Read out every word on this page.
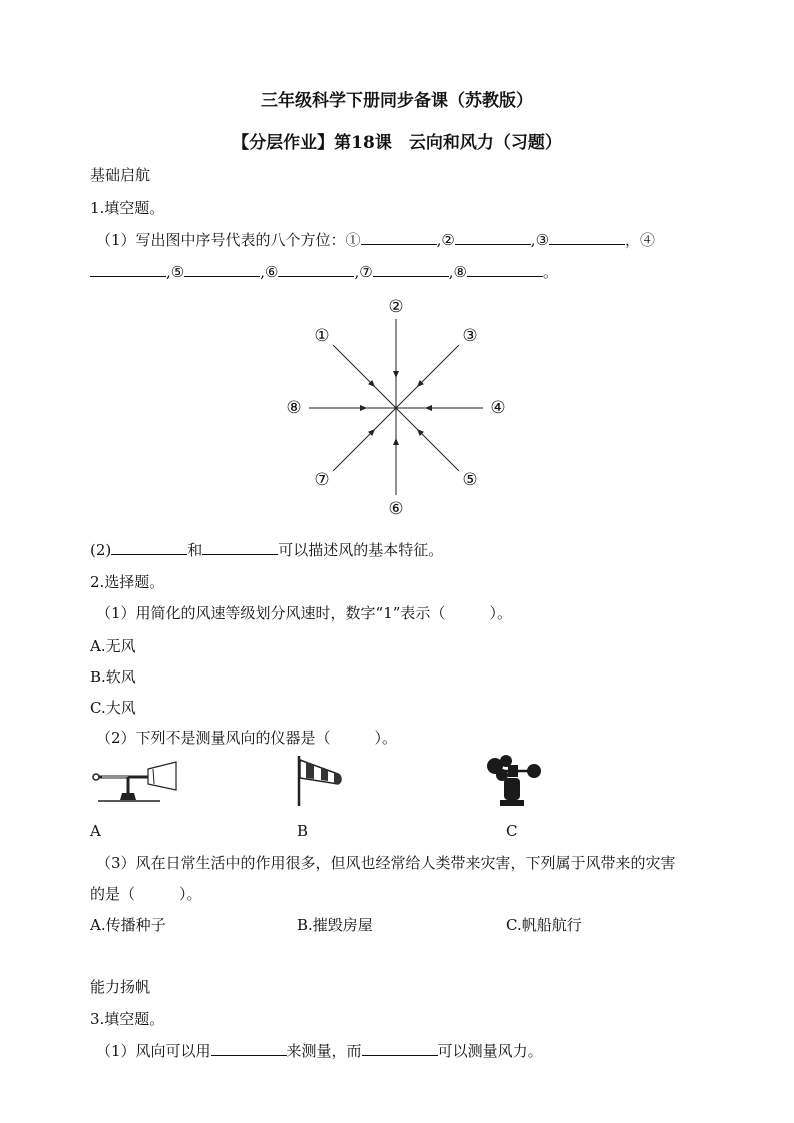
三年级科学下册同步备课（苏教版）
【分层作业】第18课　云向和风力（习题）
基础启航
1.填空题。
（1）写出图中序号代表的八个方位：①	,②	,③	，④
,⑤	,⑥	,⑦	,⑧	。
②
③
④
⑤
⑥
⑦
⑧
①
(2)	和	可以描述风的基本特征。
2.选择题。
（1）用简化的风速等级划分风速时，数字“1”表示（	）。
A.无风
B.软风
C.大风
（2）下列不是测量风向的仪器是（	）。
A	B	C
（3）风在日常生活中的作用很多，但风也经常给人类带来灾害，下列属于风带来的灾害
的是（	）。
A.传播种子	B.摧毁房屋	C.帆船航行
能力扬帆
3.填空题。
（1）风向可以用	来测量，而	可以测量风力。
